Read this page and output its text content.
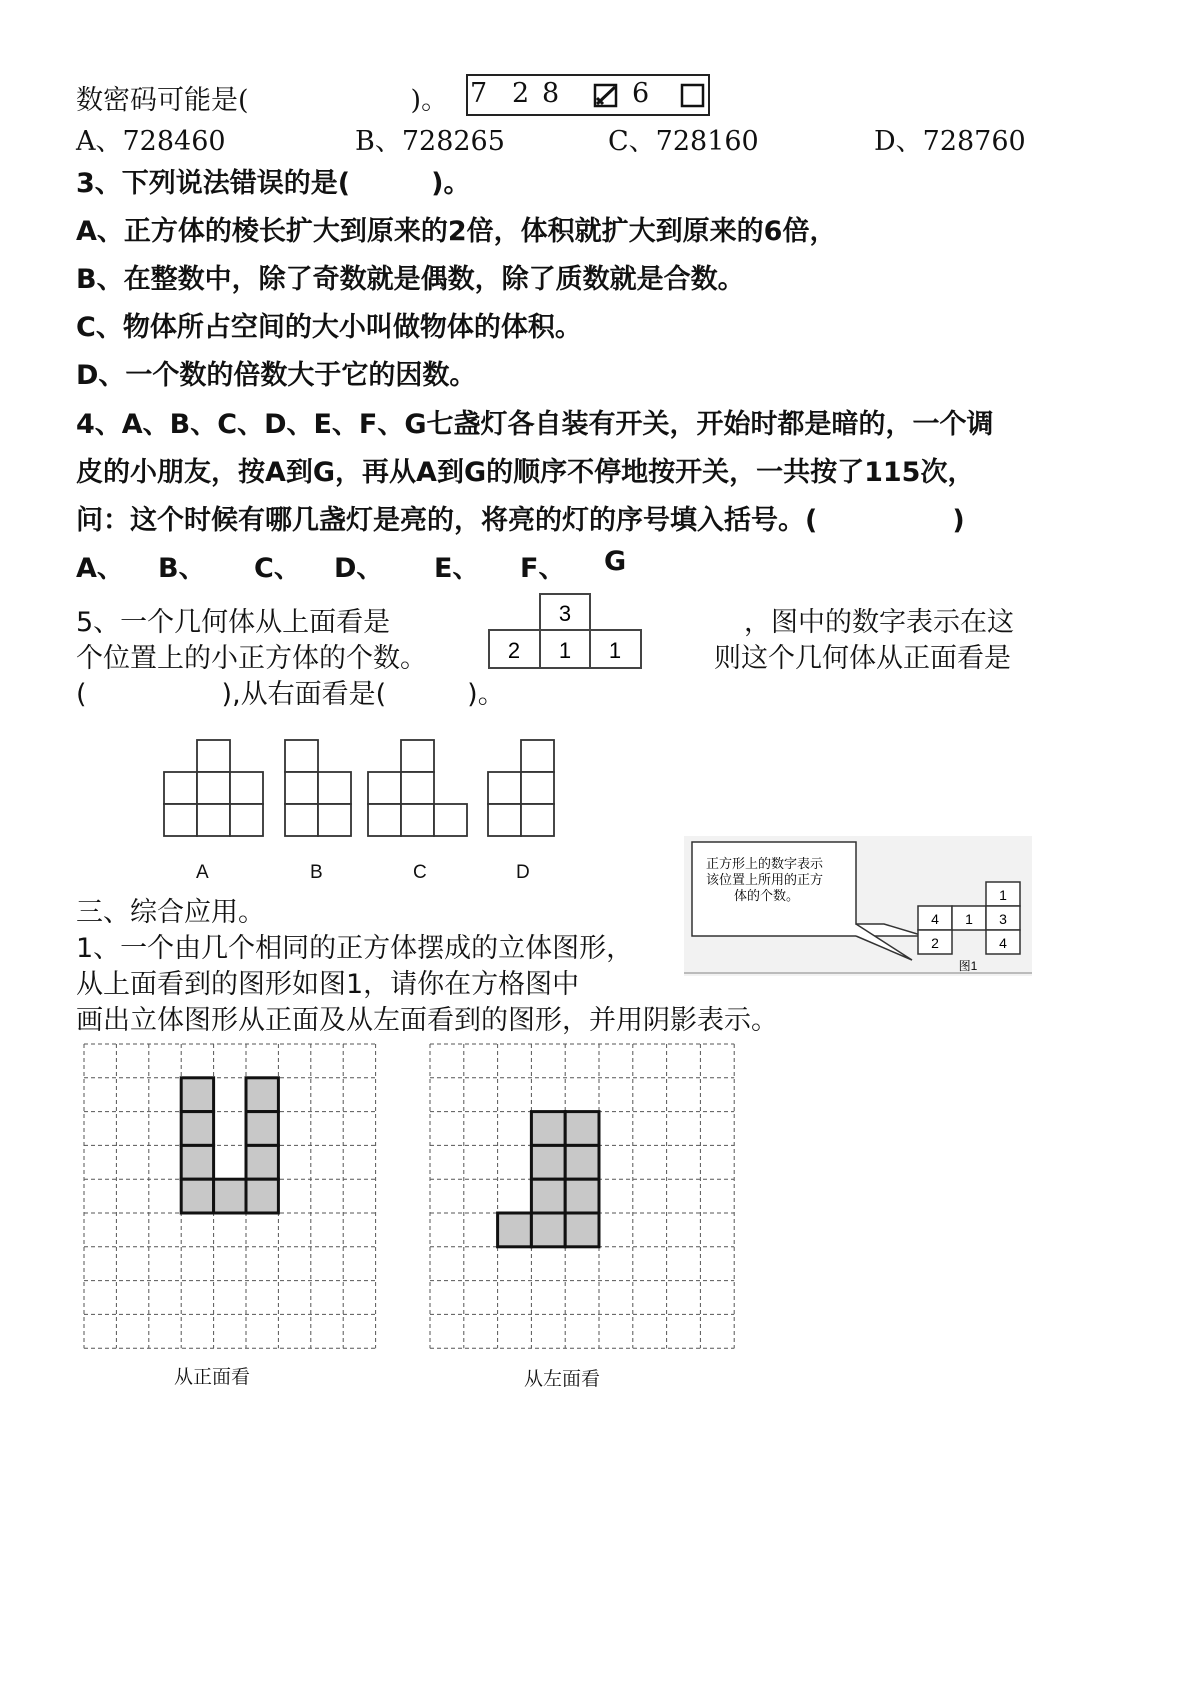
数密码可能是(　　　　　　)。 7 2 8	6
A、728460	B、728265	C、728160	D、728760
3、下列说法错误的是(　　　)。
A、正方体的棱长扩大到原来的2倍，体积就扩大到原来的6倍，
B、在整数中，除了奇数就是偶数，除了质数就是合数。
C、物体所占空间的大小叫做物体的体积。
D、一个数的倍数大于它的因数。
4、A、B、C、D、E、F、G七盏灯各自装有开关，开始时都是暗的，一个调
皮的小朋友，按A到G，再从A到G的顺序不停地按开关，一共按了115次，
问：这个时候有哪几盏灯是亮的，将亮的灯的序号填入括号。(　　　　　)
A、 B、 C、 D、 E、 F、 G
5、一个几何体从上面看是	，图中的数字表示在这
个位置上的小正方体的个数。	则这个几何体从正面看是
(　　　　　),从右面看是(　　　)。
3
2 1 1
A	B	C	D
三、综合应用。
1、一个由几个相同的正方体摆成的立体图形，
从上面看到的图形如图1，请你在方格图中
画出立体图形从正面及从左面看到的图形，并用阴影表示。
正方形上的数字表示
该位置上所用的正方
体的个数。	1
4 1 3
2	4
图1
从正面看	从左面看
